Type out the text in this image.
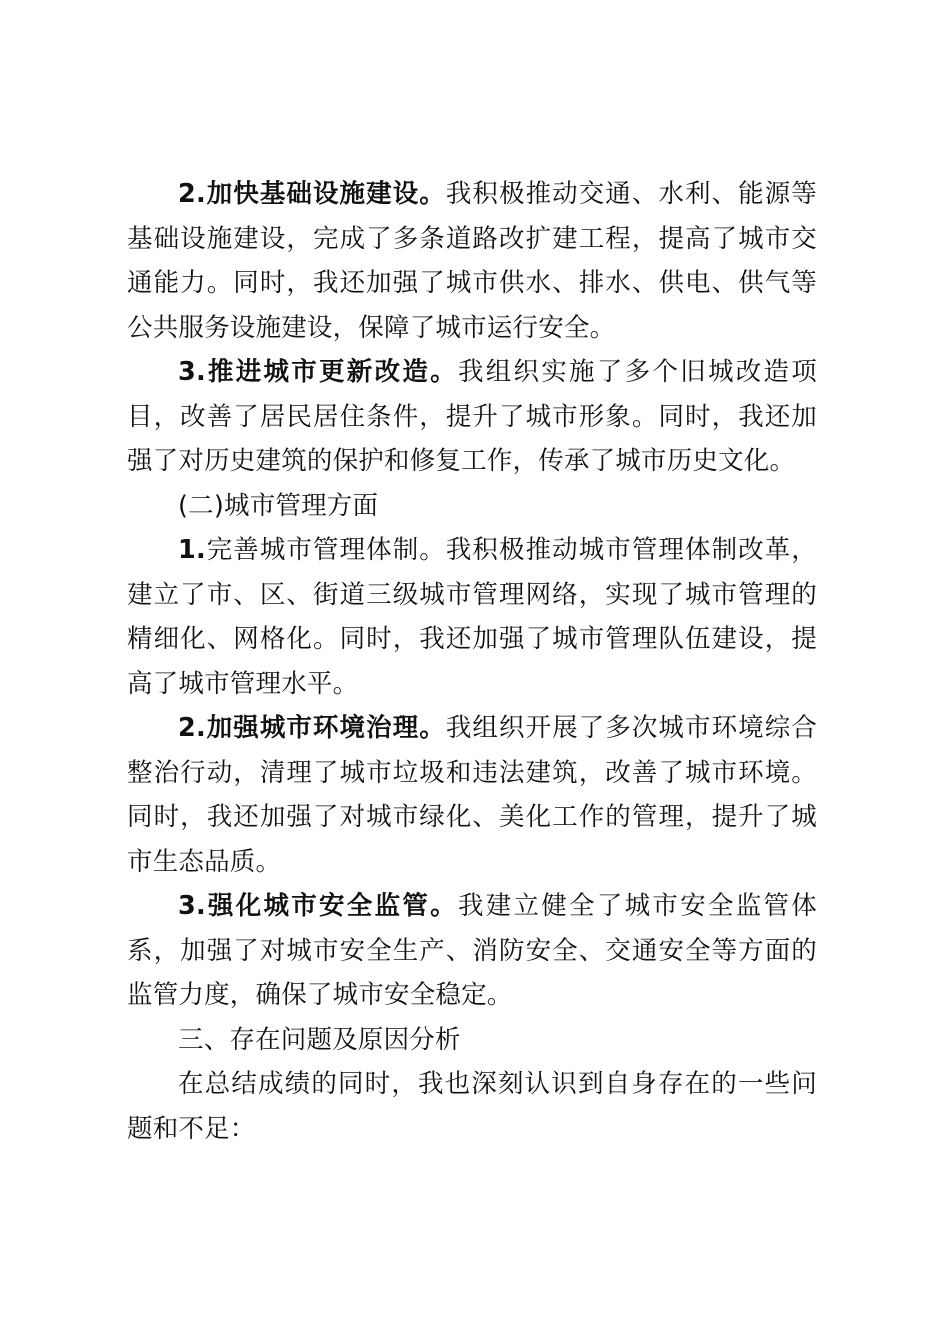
2.加快基础设施建设。我积极推动交通、水利、能源等基础设施建设，完成了多条道路改扩建工程，提高了城市交通能力。同时，我还加强了城市供水、排水、供电、供气等公共服务设施建设，保障了城市运行安全。

3.推进城市更新改造。我组织实施了多个旧城改造项目，改善了居民居住条件，提升了城市形象。同时，我还加强了对历史建筑的保护和修复工作，传承了城市历史文化。

(二)城市管理方面

1.完善城市管理体制。我积极推动城市管理体制改革，建立了市、区、街道三级城市管理网络，实现了城市管理的精细化、网格化。同时，我还加强了城市管理队伍建设，提高了城市管理水平。

2.加强城市环境治理。我组织开展了多次城市环境综合整治行动，清理了城市垃圾和违法建筑，改善了城市环境。同时，我还加强了对城市绿化、美化工作的管理，提升了城市生态品质。

3.强化城市安全监管。我建立健全了城市安全监管体系，加强了对城市安全生产、消防安全、交通安全等方面的监管力度，确保了城市安全稳定。

三、存在问题及原因分析

在总结成绩的同时，我也深刻认识到自身存在的一些问题和不足：
